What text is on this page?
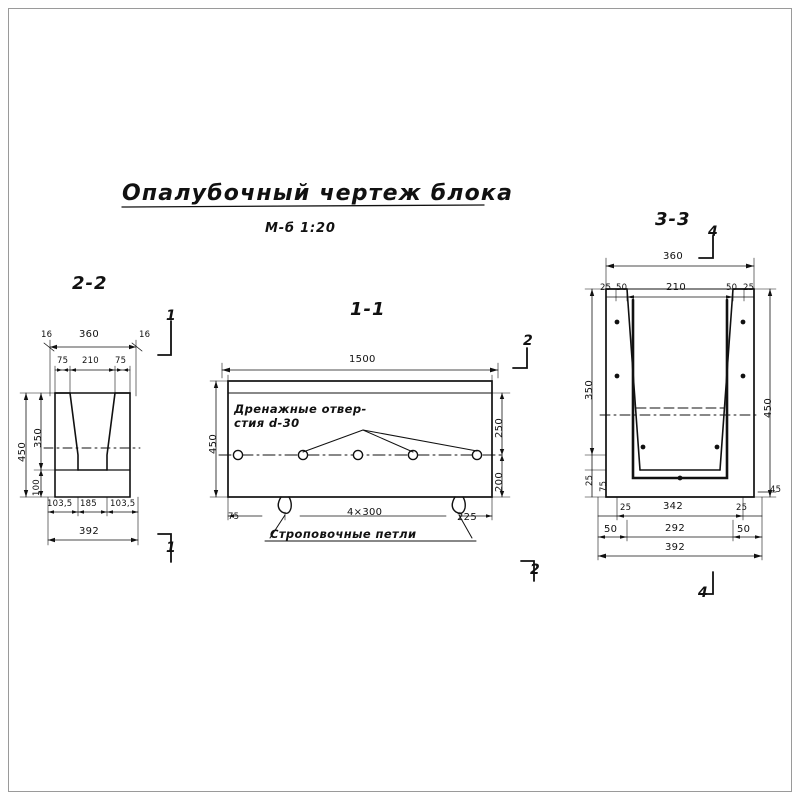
Опалубочный чертеж блока
М-б 1:20
2-2
1-1
3-3
1
1
2
2
4
4
16	360	16
75 210 75
450
350
100
103,5 185 103,5
392
1500
450
250
200
75	4×300	225
Дренажные отвер-
стия d-30
Строповочные петли
360
25 50	210	50 25
350
450
25
75
25	342	25
50	292	50
392
45
